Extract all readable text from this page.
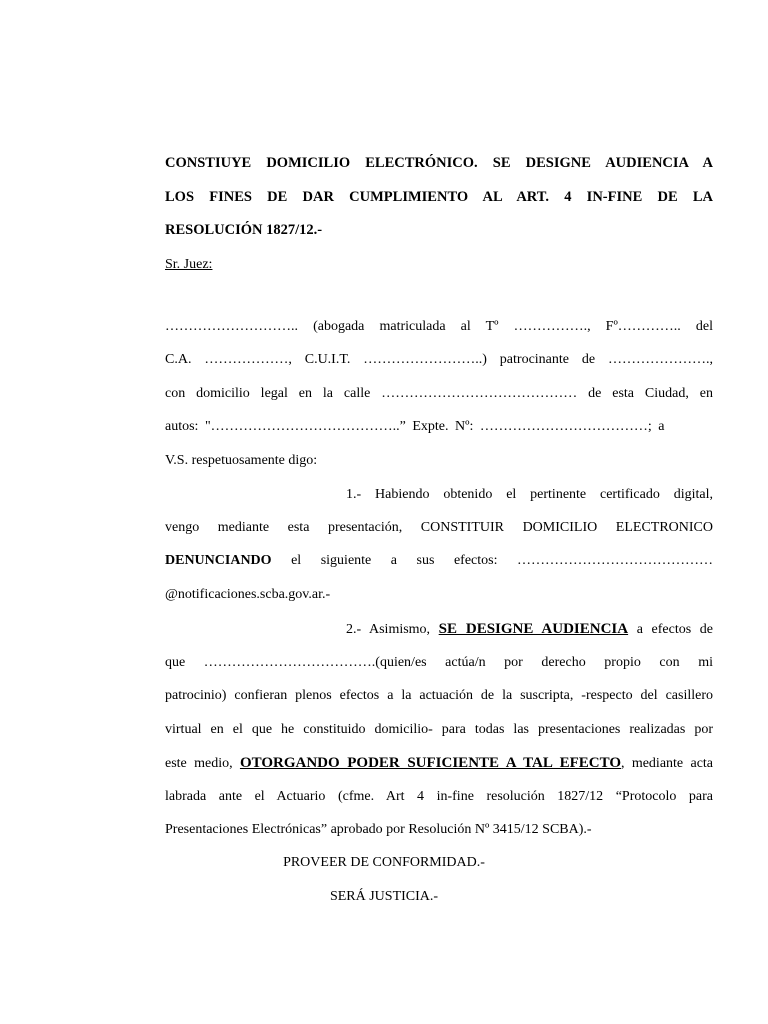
CONSTIUYE DOMICILIO ELECTRÓNICO. SE DESIGNE AUDIENCIA A
LOS FINES DE DAR CUMPLIMIENTO AL ART. 4 IN-FINE DE LA
RESOLUCIÓN 1827/12.-
Sr. Juez:
……………………….. (abogada matriculada al Tº ……………., Fº………….. del
C.A. ………………, C.U.I.T. ……………………..) patrocinante de ………………….,
con domicilio legal en la calle …………………………………… de esta Ciudad, en
autos: "…………………………………..” Expte. Nº: ………………………………; a
V.S. respetuosamente digo:
1.- Habiendo obtenido el pertinente certificado digital,
vengo mediante esta presentación, CONSTITUIR DOMICILIO ELECTRONICO
DENUNCIANDO el siguiente a sus efectos: ……………………………………
@notificaciones.scba.gov.ar.-
2.- Asimismo, SE DESIGNE AUDIENCIA a efectos de
que ……………………………….(quien/es actúa/n por derecho propio con mi
patrocinio) confieran plenos efectos a la actuación de la suscripta, -respecto del casillero
virtual en el que he constituido domicilio- para todas las presentaciones realizadas por
este medio, OTORGANDO PODER SUFICIENTE A TAL EFECTO, mediante acta
labrada ante el Actuario (cfme. Art 4 in-fine resolución 1827/12 “Protocolo para
Presentaciones Electrónicas” aprobado por Resolución Nº 3415/12 SCBA).-
PROVEER DE CONFORMIDAD.-
SERÁ JUSTICIA.-
